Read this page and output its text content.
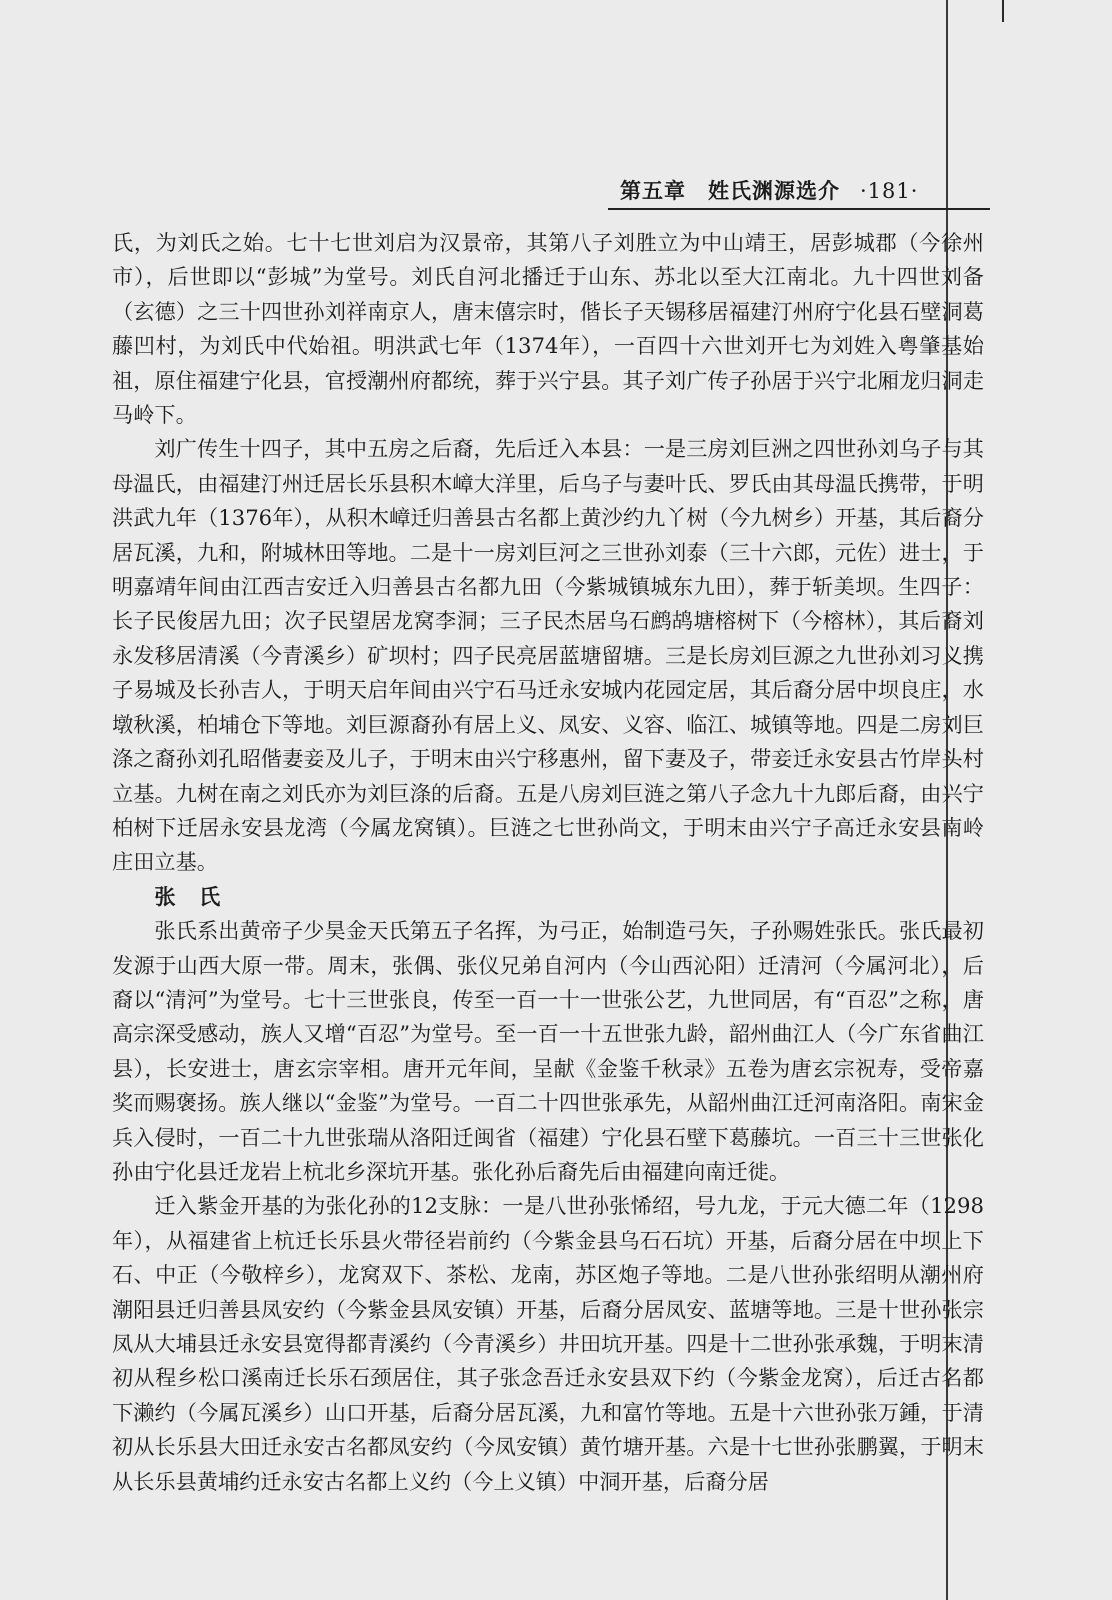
第五章 姓氏渊源选介 ·181·

氏，为刘氏之始。七十七世刘启为汉景帝，其第八子刘胜立为中山靖王，居彭城郡（今徐州市），后世即以“彭城”为堂号。刘氏自河北播迁于山东、苏北以至大江南北。九十四世刘备（玄德）之三十四世孙刘祥南京人，唐末僖宗时，偕长子天锡移居福建汀州府宁化县石壁洞葛藤凹村，为刘氏中代始祖。明洪武七年（1374年），一百四十六世刘开七为刘姓入粤肇基始祖，原住福建宁化县，官授潮州府都统，葬于兴宁县。其子刘广传子孙居于兴宁北厢龙归洞走马岭下。

刘广传生十四子，其中五房之后裔，先后迁入本县：一是三房刘巨洲之四世孙刘乌子与其母温氏，由福建汀州迁居长乐县积木嶂大洋里，后乌子与妻叶氏、罗氏由其母温氏携带，于明洪武九年（1376年），从积木嶂迁归善县古名都上黄沙约九丫树（今九树乡）开基，其后裔分居瓦溪，九和，附城林田等地。二是十一房刘巨河之三世孙刘泰（三十六郎，元佐）进士，于明嘉靖年间由江西吉安迁入归善县古名都九田（今紫城镇城东九田），葬于斩美坝。生四子：长子民俊居九田；次子民望居龙窝李洞；三子民杰居乌石鹧鸪塘榕树下（今榕林），其后裔刘永发移居清溪（今青溪乡）矿坝村；四子民亮居蓝塘留塘。三是长房刘巨源之九世孙刘习义携子易城及长孙吉人，于明天启年间由兴宁石马迁永安城内花园定居，其后裔分居中坝良庄，水墩秋溪，柏埔仓下等地。刘巨源裔孙有居上义、凤安、义容、临江、城镇等地。四是二房刘巨涤之裔孙刘孔昭偕妻妾及儿子，于明末由兴宁移惠州，留下妻及子，带妾迁永安县古竹岸头村立基。九树在南之刘氏亦为刘巨涤的后裔。五是八房刘巨涟之第八子念九十九郎后裔，由兴宁柏树下迁居永安县龙湾（今属龙窝镇）。巨涟之七世孙尚文，于明末由兴宁子高迁永安县南岭庄田立基。

张 氏

张氏系出黄帝子少昊金天氏第五子名挥，为弓正，始制造弓矢，子孙赐姓张氏。张氏最初发源于山西大原一带。周末，张偶、张仪兄弟自河内（今山西沁阳）迁清河（今属河北），后裔以“清河”为堂号。七十三世张良，传至一百一十一世张公艺，九世同居，有“百忍”之称，唐高宗深受感动，族人又增“百忍”为堂号。至一百一十五世张九龄，韶州曲江人（今广东省曲江县），长安进士，唐玄宗宰相。唐开元年间，呈献《金鉴千秋录》五卷为唐玄宗祝寿，受帝嘉奖而赐褒扬。族人继以“金鉴”为堂号。一百二十四世张承先，从韶州曲江迁河南洛阳。南宋金兵入侵时，一百二十九世张瑞从洛阳迁闽省（福建）宁化县石壁下葛藤坑。一百三十三世张化孙由宁化县迁龙岩上杭北乡深坑开基。张化孙后裔先后由福建向南迁徙。

迁入紫金开基的为张化孙的12支脉：一是八世孙张悕绍，号九龙，于元大德二年（1298年），从福建省上杭迁长乐县火带径岩前约（今紫金县乌石石坑）开基，后裔分居在中坝上下石、中正（今敬梓乡），龙窝双下、茶松、龙南，苏区炮子等地。二是八世孙张绍明从潮州府潮阳县迁归善县凤安约（今紫金县凤安镇）开基，后裔分居凤安、蓝塘等地。三是十世孙张宗凤从大埔县迁永安县宽得都青溪约（今青溪乡）井田坑开基。四是十二世孙张承魏，于明末清初从程乡松口溪南迁长乐石颈居住，其子张念吾迁永安县双下约（今紫金龙窝），后迁古名都下濑约（今属瓦溪乡）山口开基，后裔分居瓦溪，九和富竹等地。五是十六世孙张万鍾，于清初从长乐县大田迁永安古名都凤安约（今凤安镇）黄竹塘开基。六是十七世孙张鹏翼，于明末从长乐县黄埔约迁永安古名都上义约（今上义镇）中洞开基，后裔分居
